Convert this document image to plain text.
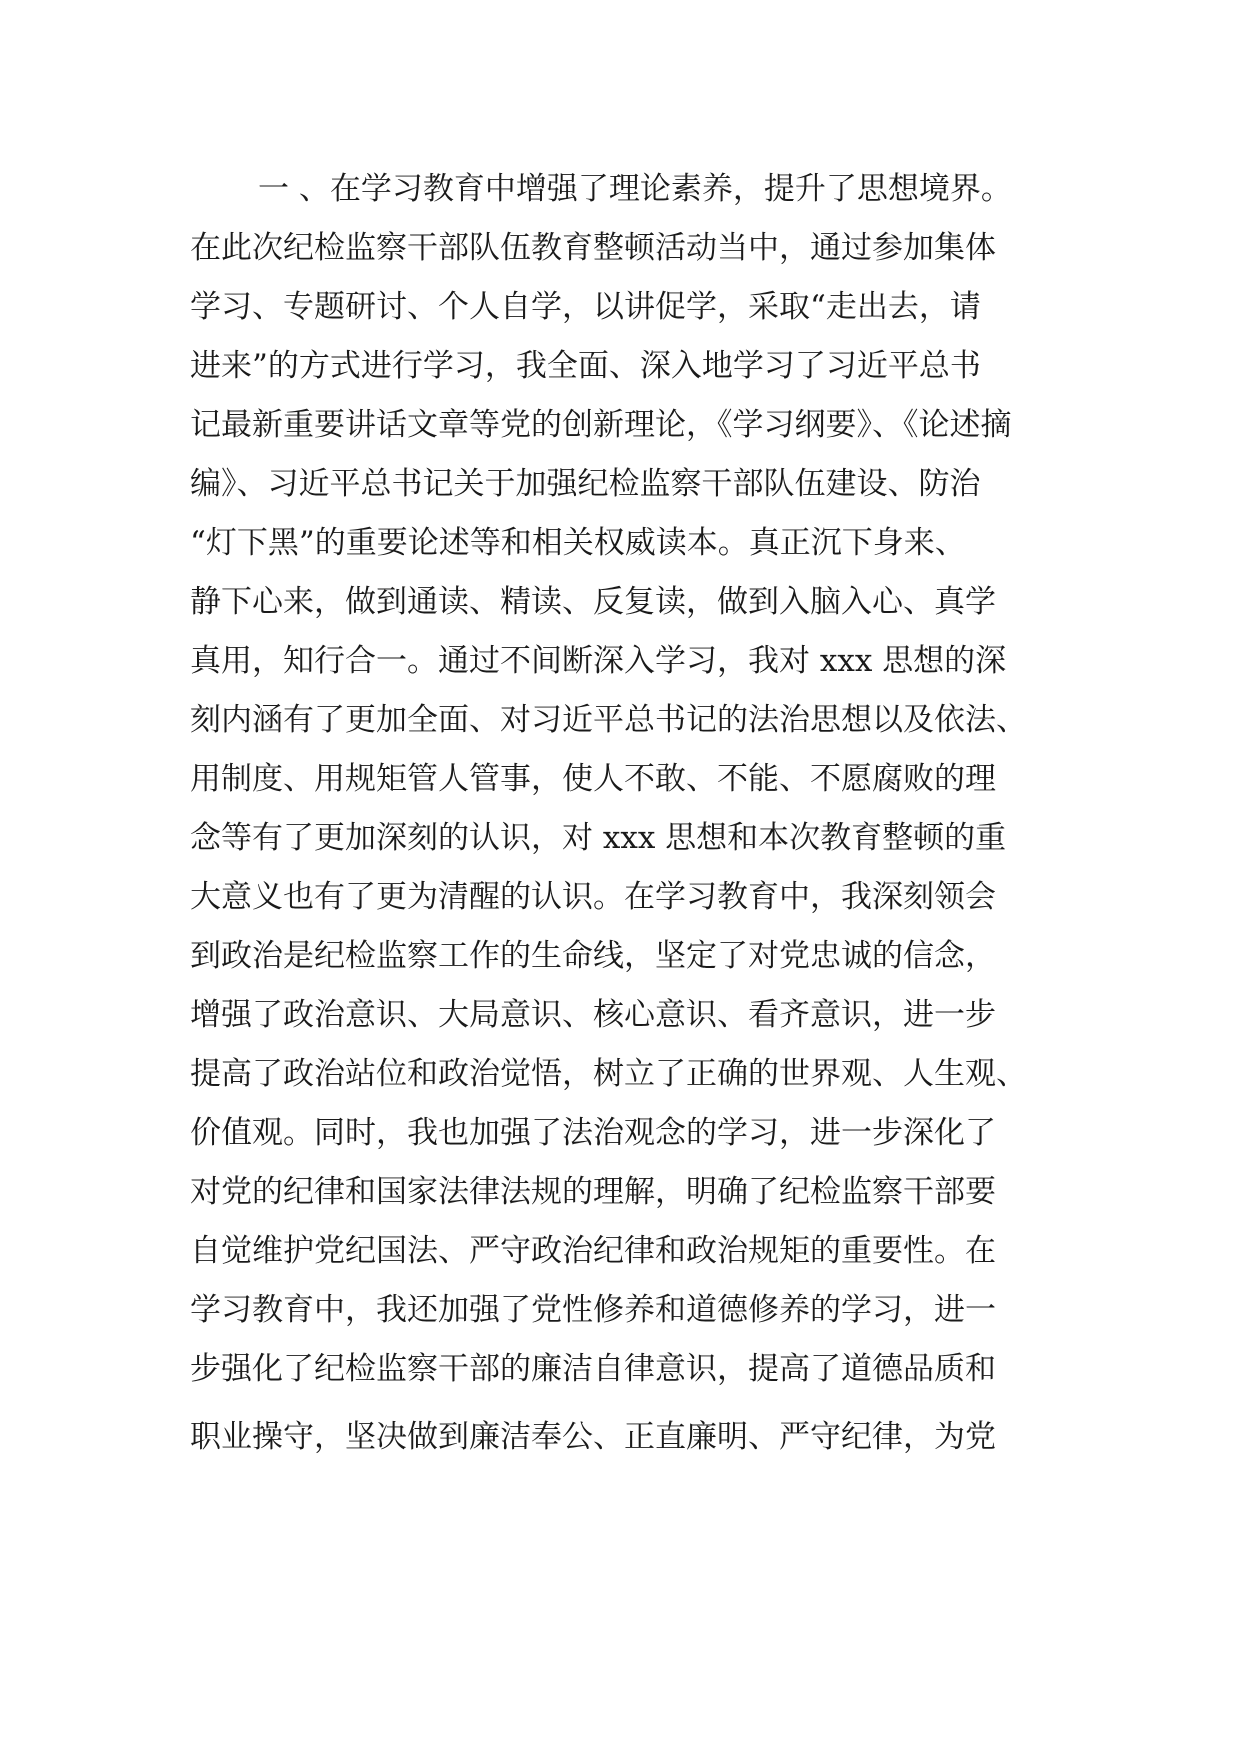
一 、在学习教育中增强了理论素养，提升了思想境界。
在此次纪检监察干部队伍教育整顿活动当中，通过参加集体
学习、专题研讨、个人自学，以讲促学，采取“走出去，请
进来”的方式进行学习，我全面、深入地学习了习近平总书
记最新重要讲话文章等党的创新理论，《学习纲要》、《论述摘
编》、习近平总书记关于加强纪检监察干部队伍建设、防治
“灯下黑”的重要论述等和相关权威读本。真正沉下身来、
静下心来，做到通读、精读、反复读，做到入脑入心、真学
真用，知行合一。通过不间断深入学习，我对 xxx 思想的深
刻内涵有了更加全面、对习近平总书记的法治思想以及依法、
用制度、用规矩管人管事，使人不敢、不能、不愿腐败的理
念等有了更加深刻的认识，对 xxx 思想和本次教育整顿的重
大意义也有了更为清醒的认识。在学习教育中，我深刻领会
到政治是纪检监察工作的生命线，坚定了对党忠诚的信念，
增强了政治意识、大局意识、核心意识、看齐意识，进一步
提高了政治站位和政治觉悟，树立了正确的世界观、人生观、
价值观。同时，我也加强了法治观念的学习，进一步深化了
对党的纪律和国家法律法规的理解，明确了纪检监察干部要
自觉维护党纪国法、严守政治纪律和政治规矩的重要性。在
学习教育中，我还加强了党性修养和道德修养的学习，进一
步强化了纪检监察干部的廉洁自律意识，提高了道德品质和
职业操守，坚决做到廉洁奉公、正直廉明、严守纪律，为党
